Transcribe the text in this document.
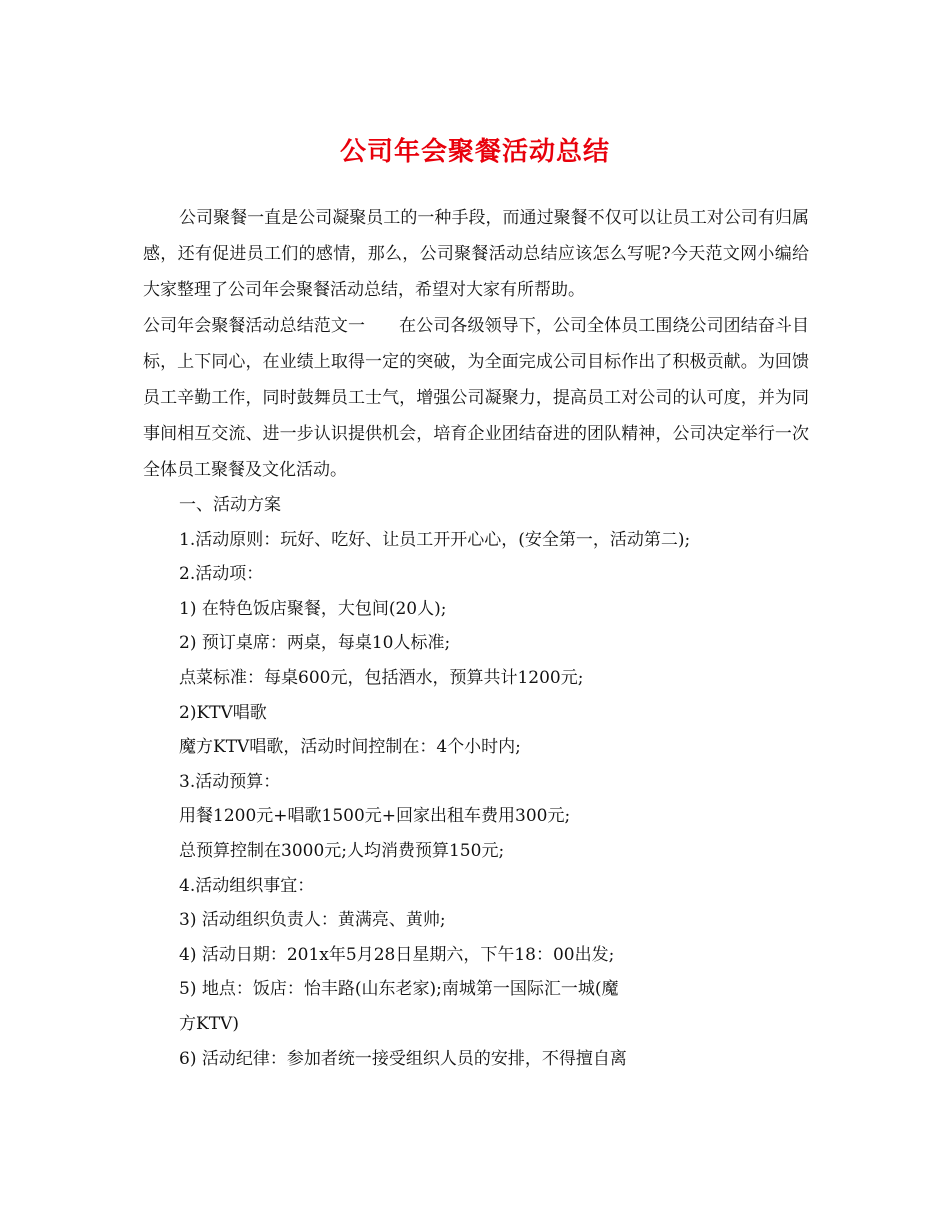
公司年会聚餐活动总结

公司聚餐一直是公司凝聚员工的一种手段，而通过聚餐不仅可以让员工对公司有归属感，还有促进员工们的感情，那么，公司聚餐活动总结应该怎么写呢?今天范文网小编给大家整理了公司年会聚餐活动总结，希望对大家有所帮助。

公司年会聚餐活动总结范文一　　在公司各级领导下，公司全体员工围绕公司团结奋斗目标，上下同心，在业绩上取得一定的突破，为全面完成公司目标作出了积极贡献。为回馈员工辛勤工作，同时鼓舞员工士气，增强公司凝聚力，提高员工对公司的认可度，并为同事间相互交流、进一步认识提供机会，培育企业团结奋进的团队精神，公司决定举行一次全体员工聚餐及文化活动。

一、活动方案

1.活动原则：玩好、吃好、让员工开开心心，(安全第一，活动第二);

2.活动项：

1) 在特色饭店聚餐，大包间(20人);

2) 预订桌席：两桌，每桌10人标准;

点菜标准：每桌600元，包括酒水，预算共计1200元;

2)KTV唱歌

魔方KTV唱歌，活动时间控制在：4个小时内;

3.活动预算：

用餐1200元+唱歌1500元+回家出租车费用300元;

总预算控制在3000元;人均消费预算150元;

4.活动组织事宜：

3) 活动组织负责人：黄满亮、黄帅;

4) 活动日期：201x年5月28日星期六，下午18：00出发;

5) 地点：饭店：怡丰路(山东老家);南城第一国际汇一城(魔

方KTV)

6) 活动纪律：参加者统一接受组织人员的安排，不得擅自离
